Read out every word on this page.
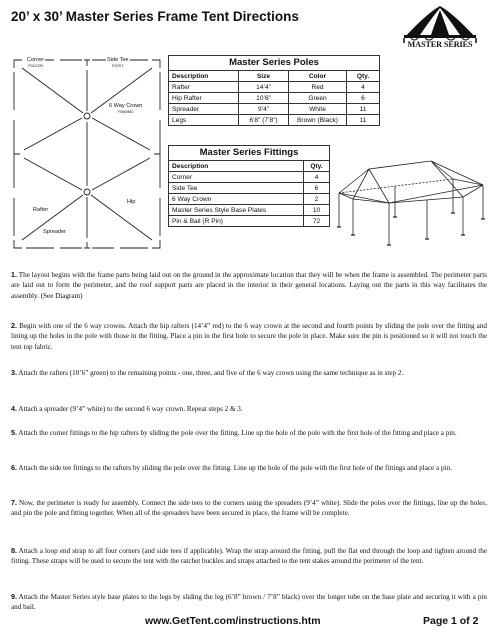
20’ x 30’ Master Series Frame Tent Directions
MASTER SERIES
Corner
F01COR
Side Tee
F02ST
6 Way Crown
F06WMC
Rafter
Hip
Spreader
Master Series Poles
Description	Size	Color	Qty.
Rafter	14’4”	Red	4
Hip Rafter	10’6”	Green	6
Spreader	9’4”	White	11
Legs	6’8” (7’8”)	Brown (Black)	11
Master Series Fittings
Description	Qty.
Corner	4
Side Tee	6
6 Way Crown	2
Master Series Style Base Plates	10
Pin & Bail (R Pin)	72

1. The layout begins with the frame parts being laid out on the ground in the approximate location that they will be when the frame is assembled. The perimeter parts are laid out to form the perimeter, and the roof support parts are placed in the interior in their general locations. Laying out the parts in this way facilitates the assembly. (See Diagram)

2. Begin with one of the 6 way crowns. Attach the hip rafters (14’4” red) to the 6 way crown at the second and fourth points by sliding the pole over the fitting and lining up the holes in the pole with those in the fitting. Place a pin in the first hole to secure the pole in place. Make sure the pin is positioned so it will not touch the tent top fabric.

3. Attach the rafters (10’6” green) to the remaining points - one, three, and five of the 6 way crown using the same technique as in step 2.

4. Attach a spreader (9’4” white) to the second 6 way crown. Repeat steps 2 & 3.

5. Attach the corner fittings to the hip rafters by sliding the pole over the fitting. Line up the hole of the pole with the first hole of the fitting and place a pin.

6. Attach the side tee fittings to the rafters by sliding the pole over the fitting. Line up the hole of the pole with the first hole of the fittings and place a pin.

7. Now, the perimeter is ready for assembly. Connect the side tees to the corners using the spreaders (9’4” white). Slide the poles over the fittings, line up the holes, and pin the pole and fitting together. When all of the spreaders have been secured in place, the frame will be complete.

8. Attach a loop end strap to all four corners (and side tees if applicable). Wrap the strap around the fitting, pull the flat end through the loop and tighten around the fitting. These straps will be used to secure the tent with the ratchet buckles and straps attached to the tent stakes around the perimeter of the tent.

9. Attach the Master Series style base plates to the legs by sliding the leg (6’8” brown / 7’8” black) over the longer tube on the base plate and securing it with a pin and bail.

www.GetTent.com/instructions.htm	Page 1 of 2
